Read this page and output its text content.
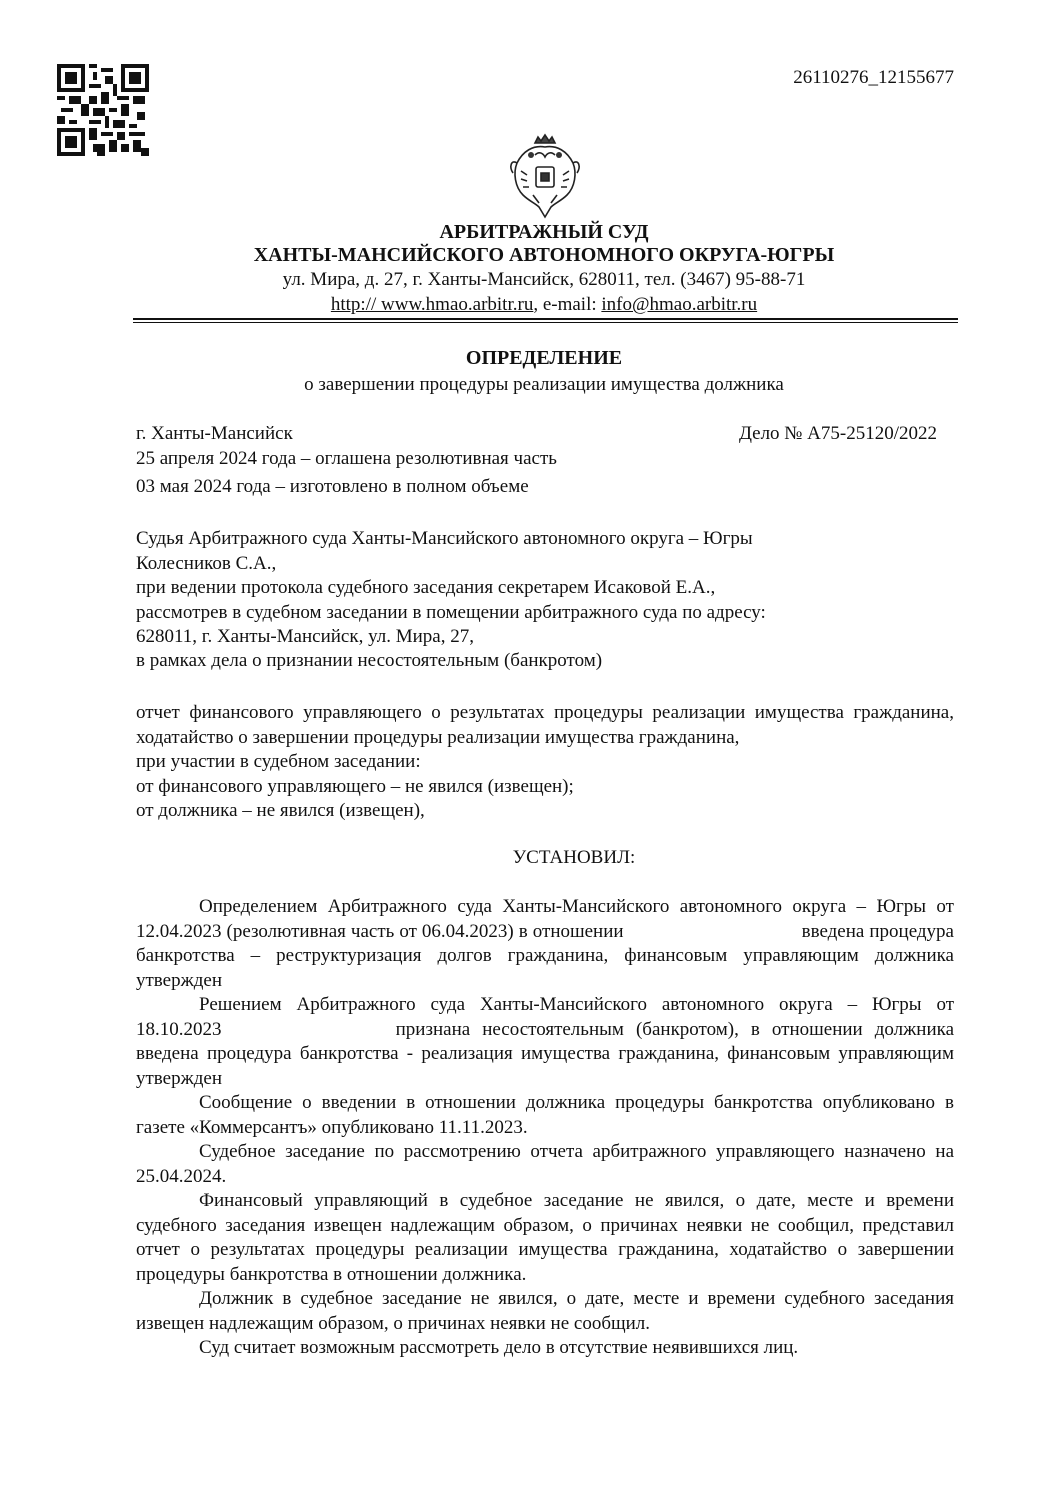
26110276_12155677
АРБИТРАЖНЫЙ СУД
ХАНТЫ-МАНСИЙСКОГО АВТОНОМНОГО ОКРУГА-ЮГРЫ
ул. Мира, д. 27, г. Ханты-Мансийск, 628011, тел. (3467) 95-88-71
http:// www.hmao.arbitr.ru, e-mail: info@hmao.arbitr.ru
ОПРЕДЕЛЕНИЕ
о завершении процедуры реализации имущества должника
г. Ханты-Мансийск	Дело № А75-25120/2022
25 апреля 2024 года – оглашена резолютивная часть
03 мая 2024 года – изготовлено в полном объеме
Судья Арбитражного суда Ханты-Мансийского автономного округа – Югры
Колесников С.А.,
при ведении протокола судебного заседания секретарем Исаковой Е.А.,
рассмотрев в судебном заседании в помещении арбитражного суда по адресу:
628011, г. Ханты-Мансийск, ул. Мира, 27,
в рамках дела о признании несостоятельным (банкротом)

отчет финансового управляющего о результатах процедуры реализации имущества гражданина, ходатайство о завершении процедуры реализации имущества гражданина,

при участии в судебном заседании:

от финансового управляющего – не явился (извещен);

от должника – не явился (извещен),

УСТАНОВИЛ:

Определением Арбитражного суда Ханты-Мансийского автономного округа – Югры от 12.04.2023 (резолютивная часть от 06.04.2023) в отношении	введена процедура банкротства – реструктуризация долгов гражданина, финансовым управляющим должника утвержден

Решением Арбитражного суда Ханты-Мансийского автономного округа – Югры от 18.10.2023	признана несостоятельным (банкротом), в отношении должника введена процедура банкротства - реализация имущества гражданина, финансовым управляющим утвержден

Сообщение о введении в отношении должника процедуры банкротства опубликовано в газете «Коммерсантъ» опубликовано 11.11.2023.

Судебное заседание по рассмотрению отчета арбитражного управляющего назначено на 25.04.2024.

Финансовый управляющий в судебное заседание не явился, о дате, месте и времени судебного заседания извещен надлежащим образом, о причинах неявки не сообщил, представил отчет о результатах процедуры реализации имущества гражданина, ходатайство о завершении процедуры банкротства в отношении должника.

Должник в судебное заседание не явился, о дате, месте и времени судебного заседания извещен надлежащим образом, о причинах неявки не сообщил.

Суд считает возможным рассмотреть дело в отсутствие неявившихся лиц.
